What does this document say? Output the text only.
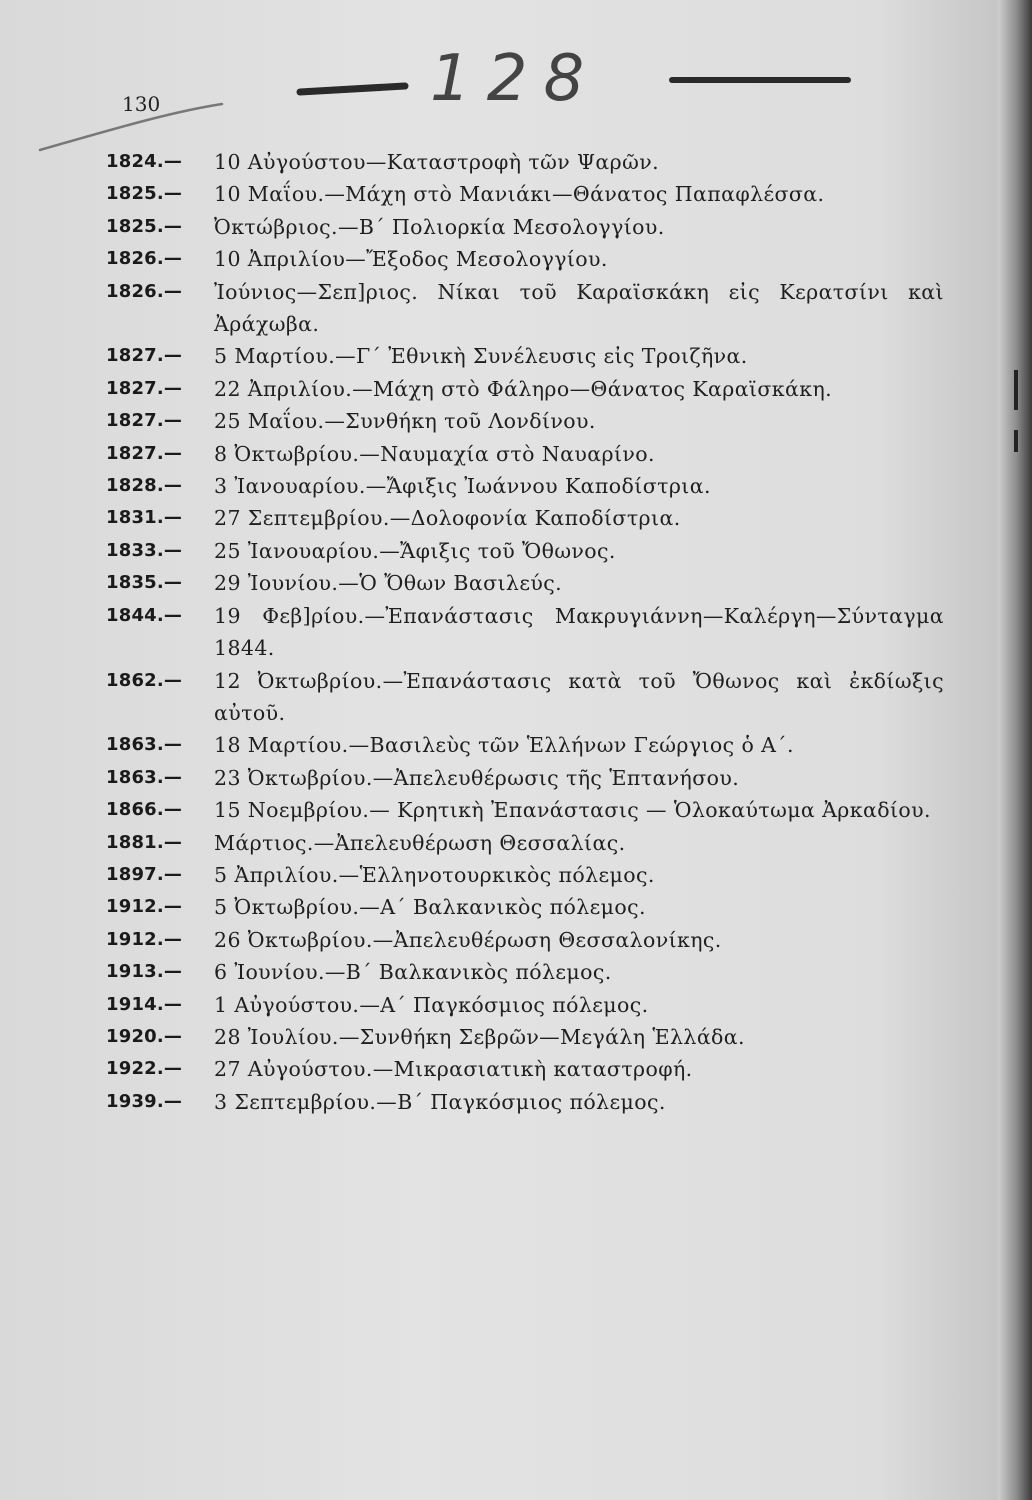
128
130
1824.—	10 Αὐγούστου—Καταστροφὴ τῶν Ψαρῶν.
1825.—	10 Μαΐου.—Μάχη στὸ Μανιάκι—Θάνατος Παπαφλέσσα.
1825.—	Ὀκτώβριος.—Β΄ Πολιορκία Μεσολογγίου.
1826.—	10 Ἀπριλίου—Ἔξοδος Μεσολογγίου.
1826.—	Ἰούνιος—Σεπ]ριος. Νίκαι τοῦ Καραϊσκάκη εἰς Κερατσίνι καὶ Ἀράχωβα.
1827.—	5 Μαρτίου.—Γ΄ Ἐθνικὴ Συνέλευσις εἰς Τροιζῆνα.
1827.—	22 Ἀπριλίου.—Μάχη στὸ Φάληρο—Θάνατος Καραϊσκάκη.
1827.—	25 Μαΐου.—Συνθήκη τοῦ Λονδίνου.
1827.—	8 Ὀκτωβρίου.—Ναυμαχία στὸ Ναυαρίνο.
1828.—	3 Ἰανουαρίου.—Ἄφιξις Ἰωάννου Καποδίστρια.
1831.—	27 Σεπτεμβρίου.—Δολοφονία Καποδίστρια.
1833.—	25 Ἰανουαρίου.—Ἄφιξις τοῦ Ὄθωνος.
1835.—	29 Ἰουνίου.—Ὁ Ὄθων Βασιλεύς.
1844.—	19 Φεβ]ρίου.—Ἐπανάστασις Μακρυγιάννη—Καλέργη—Σύνταγμα 1844.
1862.—	12 Ὀκτωβρίου.—Ἐπανάστασις κατὰ τοῦ Ὄθωνος καὶ ἐκδίωξις αὐτοῦ.
1863.—	18 Μαρτίου.—Βασιλεὺς τῶν Ἑλλήνων Γεώργιος ὁ Α΄.
1863.—	23 Ὀκτωβρίου.—Ἀπελευθέρωσις τῆς Ἑπτανήσου.
1866.—	15 Νοεμβρίου.— Κρητικὴ Ἐπανάστασις — Ὁλοκαύτωμα Ἀρκαδίου.
1881.—	Μάρτιος.—Ἀπελευθέρωση Θεσσαλίας.
1897.—	5 Ἀπριλίου.—Ἑλληνοτουρκικὸς πόλεμος.
1912.—	5 Ὀκτωβρίου.—Α΄ Βαλκανικὸς πόλεμος.
1912.—	26 Ὀκτωβρίου.—Ἀπελευθέρωση Θεσσαλονίκης.
1913.—	6 Ἰουνίου.—Β΄ Βαλκανικὸς πόλεμος.
1914.—	1 Αὐγούστου.—Α΄ Παγκόσμιος πόλεμος.
1920.—	28 Ἰουλίου.—Συνθήκη Σεβρῶν—Μεγάλη Ἑλλάδα.
1922.—	27 Αὐγούστου.—Μικρασιατικὴ καταστροφή.
1939.—	3 Σεπτεμβρίου.—Β΄ Παγκόσμιος πόλεμος.
